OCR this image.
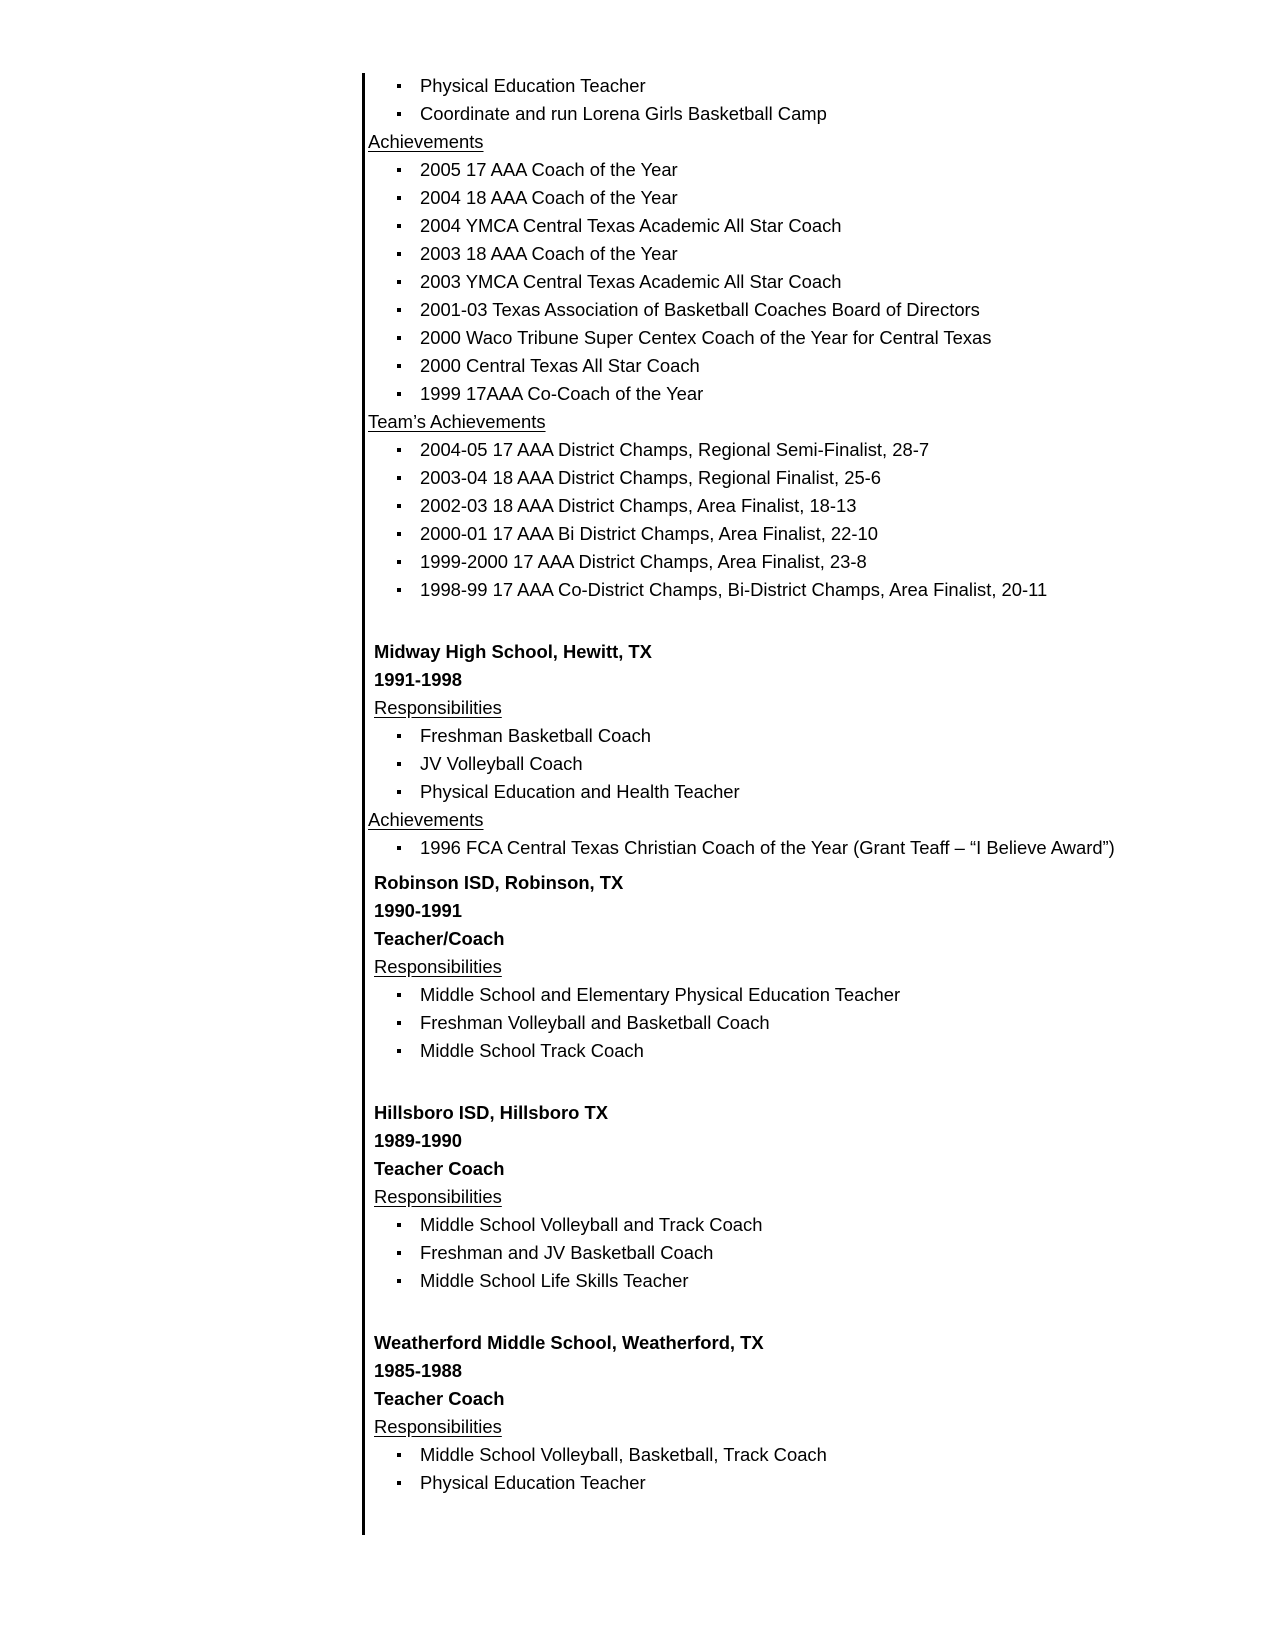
Physical Education Teacher
Coordinate and run Lorena Girls Basketball Camp
Achievements
2005 17 AAA Coach of the Year
2004 18 AAA Coach of the Year
2004 YMCA Central Texas Academic All Star Coach
2003 18 AAA Coach of the Year
2003 YMCA Central Texas Academic All Star Coach
2001-03 Texas Association of Basketball Coaches Board of Directors
2000 Waco Tribune Super Centex Coach of the Year for Central Texas
2000 Central Texas All Star Coach
1999 17AAA Co-Coach of the Year
Team’s Achievements
2004-05 17 AAA District Champs, Regional Semi-Finalist, 28-7
2003-04 18 AAA District Champs, Regional Finalist, 25-6
2002-03 18 AAA District Champs, Area Finalist, 18-13
2000-01 17 AAA Bi District Champs, Area Finalist, 22-10
1999-2000 17 AAA District Champs, Area Finalist, 23-8
1998-99 17 AAA Co-District Champs, Bi-District Champs, Area Finalist, 20-11
Midway High School, Hewitt, TX
1991-1998
Responsibilities
Freshman Basketball Coach
JV Volleyball Coach
Physical Education and Health Teacher
Achievements
1996 FCA Central Texas Christian Coach of the Year (Grant Teaff – “I Believe Award”)
Robinson ISD, Robinson, TX
1990-1991
Teacher/Coach
Responsibilities
Middle School and Elementary Physical Education Teacher
Freshman Volleyball and Basketball Coach
Middle School Track Coach
Hillsboro ISD, Hillsboro TX
1989-1990
Teacher Coach
Responsibilities
Middle School Volleyball and Track Coach
Freshman and JV Basketball Coach
Middle School Life Skills Teacher
Weatherford Middle School, Weatherford, TX
1985-1988
Teacher Coach
Responsibilities
Middle School Volleyball, Basketball, Track Coach
Physical Education Teacher
